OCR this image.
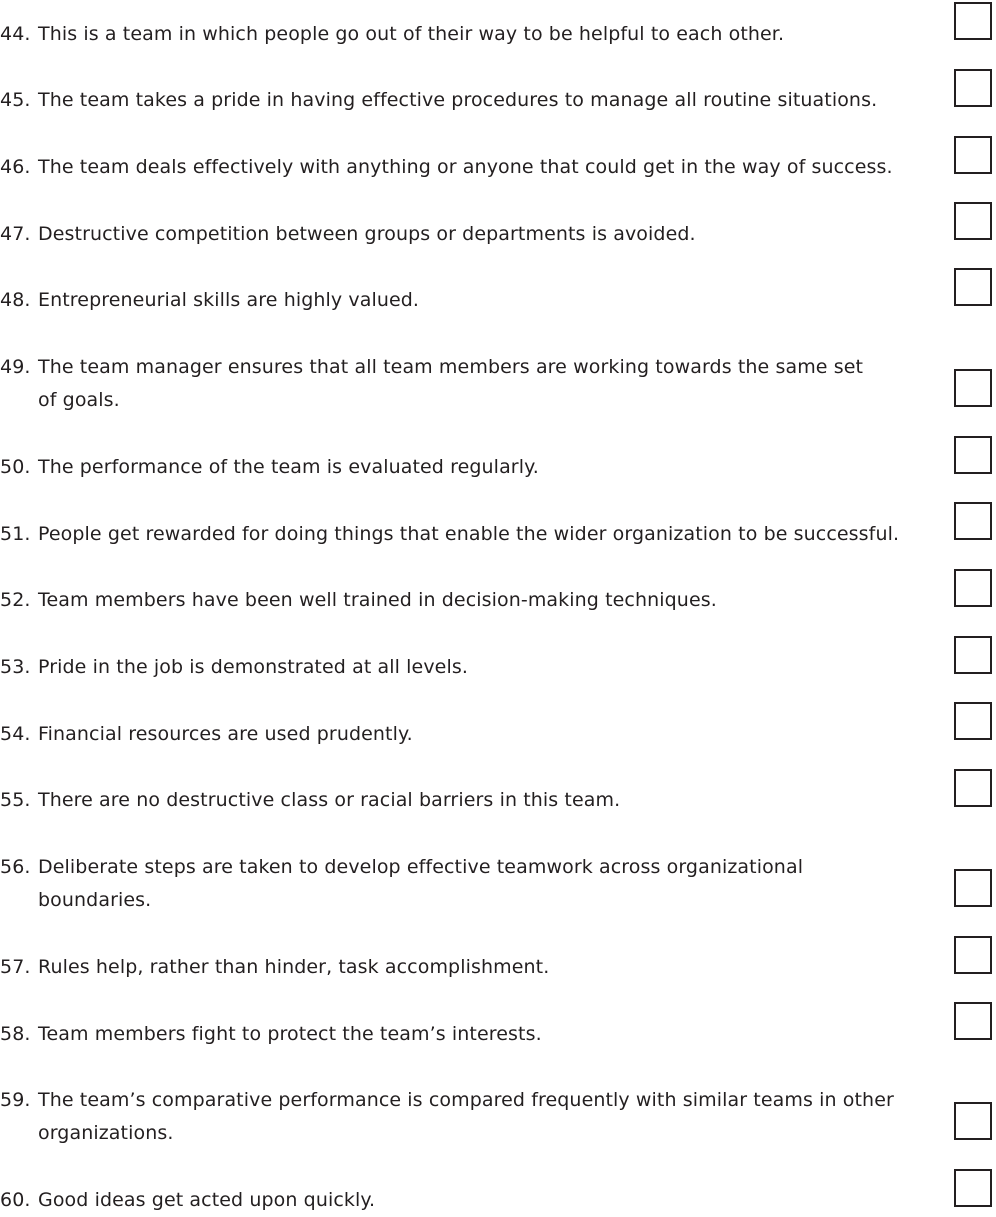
44. This is a team in which people go out of their way to be helpful to each other.
45. The team takes a pride in having effective procedures to manage all routine situations.
46. The team deals effectively with anything or anyone that could get in the way of success.
47. Destructive competition between groups or departments is avoided.
48. Entrepreneurial skills are highly valued.
49. The team manager ensures that all team members are working towards the same set
of goals.
50. The performance of the team is evaluated regularly.
51. People get rewarded for doing things that enable the wider organization to be successful.
52. Team members have been well trained in decision-making techniques.
53. Pride in the job is demonstrated at all levels.
54. Financial resources are used prudently.
55. There are no destructive class or racial barriers in this team.
56. Deliberate steps are taken to develop effective teamwork across organizational
boundaries.
57. Rules help, rather than hinder, task accomplishment.
58. Team members fight to protect the team’s interests.
59. The team’s comparative performance is compared frequently with similar teams in other
organizations.
60. Good ideas get acted upon quickly.
